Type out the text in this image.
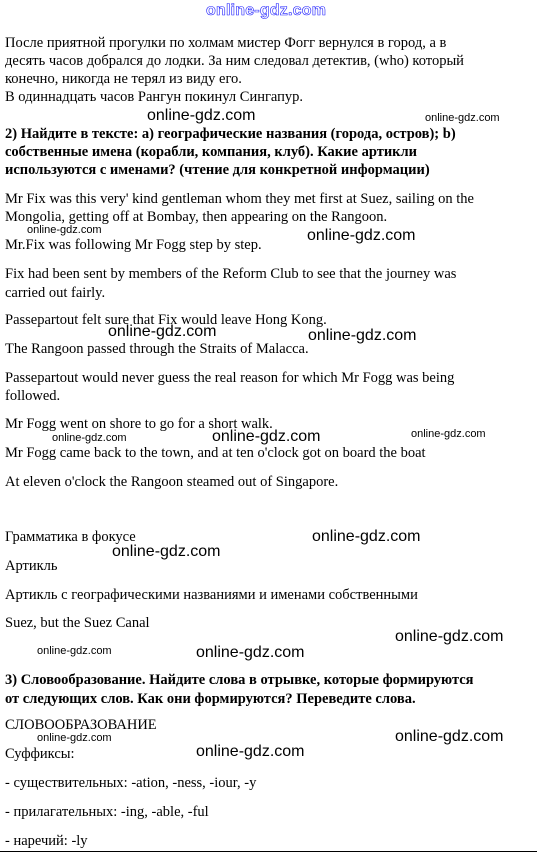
online-gdz.com
После приятной прогулки по холмам мистер Фогг вернулся в город, а в
десять часов добрался до лодки. За ним следовал детектив, (who) который
конечно, никогда не терял из виду его.
В одиннадцать часов Рангун покинул Сингапур.
2) Найдите в тексте: а) географические названия (города, остров); b)
собственные имена (корабли, компания, клуб). Какие артикли
используются с именами? (чтение для конкретной информации)
Mr Fix was this very' kind gentleman whom they met first at Suez, sailing on the
Mongolia, getting off at Bombay, then appearing on the Rangoon.
Mr.Fix was following Mr Fogg step by step.
Fix had been sent by members of the Reform Club to see that the journey was
carried out fairly.
Passepartout felt sure that Fix would leave Hong Kong.
The Rangoon passed through the Straits of Malacca.
Passepartout would never guess the real reason for which Mr Fogg was being
followed.
Mr Fogg went on shore to go for a short walk.
Mr Fogg came back to the town, and at ten o'clock got on board the boat
At eleven o'clock the Rangoon steamed out of Singapore.
Грамматика в фокусе
Артикль
Артикль с географическими названиями и именами собственными
Suez, but the Suez Canal
3) Словообразование. Найдите слова в отрывке, которые формируются
от следующих слов. Как они формируются? Переведите слова.
СЛОВООБРАЗОВАНИЕ
Суффиксы:
- существительных: -ation, -ness, -iour, -y
- прилагательных: -ing, -able, -ful
- наречий: -ly
online-gdz.com	online-gdz.com
online-gdz.com	online-gdz.com
online-gdz.com	online-gdz.com
online-gdz.com	online-gdz.com	online-gdz.com
online-gdz.com
online-gdz.com
online-gdz.com
online-gdz.com	online-gdz.com
online-gdz.com	online-gdz.com
online-gdz.com
